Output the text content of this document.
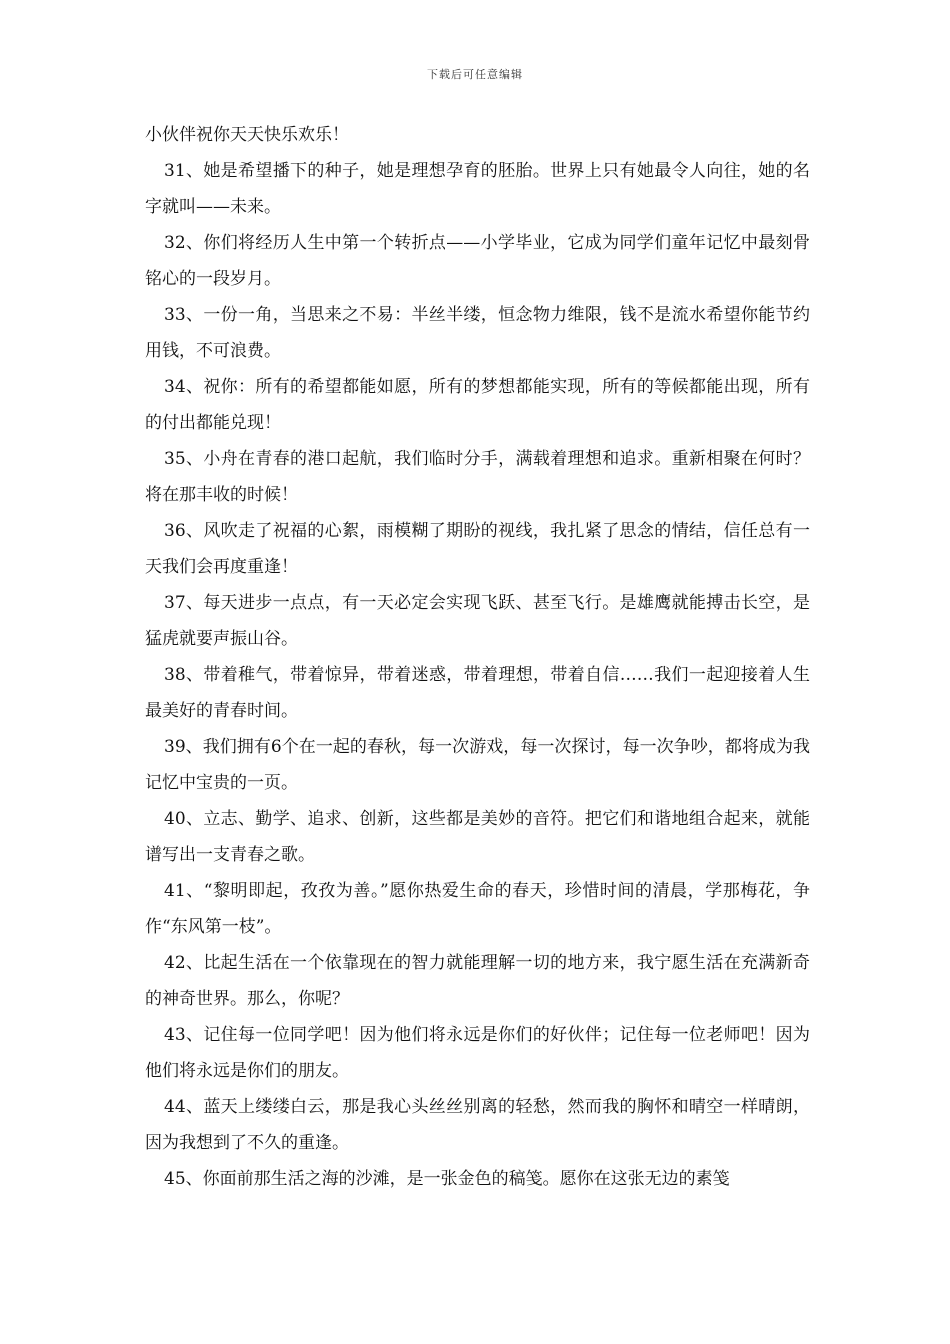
下载后可任意编辑

小伙伴祝你天天快乐欢乐！

31、她是希望播下的种子，她是理想孕育的胚胎。世界上只有她最令人向往，她的名字就叫——未来。

32、你们将经历人生中第一个转折点——小学毕业，它成为同学们童年记忆中最刻骨铭心的一段岁月。

33、一份一角，当思来之不易：半丝半缕，恒念物力维限，钱不是流水希望你能节约用钱，不可浪费。

34、祝你：所有的希望都能如愿，所有的梦想都能实现，所有的等候都能出现，所有的付出都能兑现！

35、小舟在青春的港口起航，我们临时分手，满载着理想和追求。重新相聚在何时？将在那丰收的时候！

36、风吹走了祝福的心絮，雨模糊了期盼的视线，我扎紧了思念的情结，信任总有一天我们会再度重逢！

37、每天进步一点点，有一天必定会实现飞跃、甚至飞行。是雄鹰就能搏击长空，是猛虎就要声振山谷。

38、带着稚气，带着惊异，带着迷惑，带着理想，带着自信……我们一起迎接着人生最美好的青春时间。

39、我们拥有6个在一起的春秋，每一次游戏，每一次探讨，每一次争吵，都将成为我记忆中宝贵的一页。

40、立志、勤学、追求、创新，这些都是美妙的音符。把它们和谐地组合起来，就能谱写出一支青春之歌。

41、“黎明即起，孜孜为善。”愿你热爱生命的春天，珍惜时间的清晨，学那梅花，争作“东风第一枝”。

42、比起生活在一个依靠现在的智力就能理解一切的地方来，我宁愿生活在充满新奇的神奇世界。那么，你呢？

43、记住每一位同学吧！因为他们将永远是你们的好伙伴；记住每一位老师吧！因为他们将永远是你们的朋友。

44、蓝天上缕缕白云，那是我心头丝丝别离的轻愁，然而我的胸怀和晴空一样晴朗，因为我想到了不久的重逢。

45、你面前那生活之海的沙滩，是一张金色的稿笺。愿你在这张无边的素笺
